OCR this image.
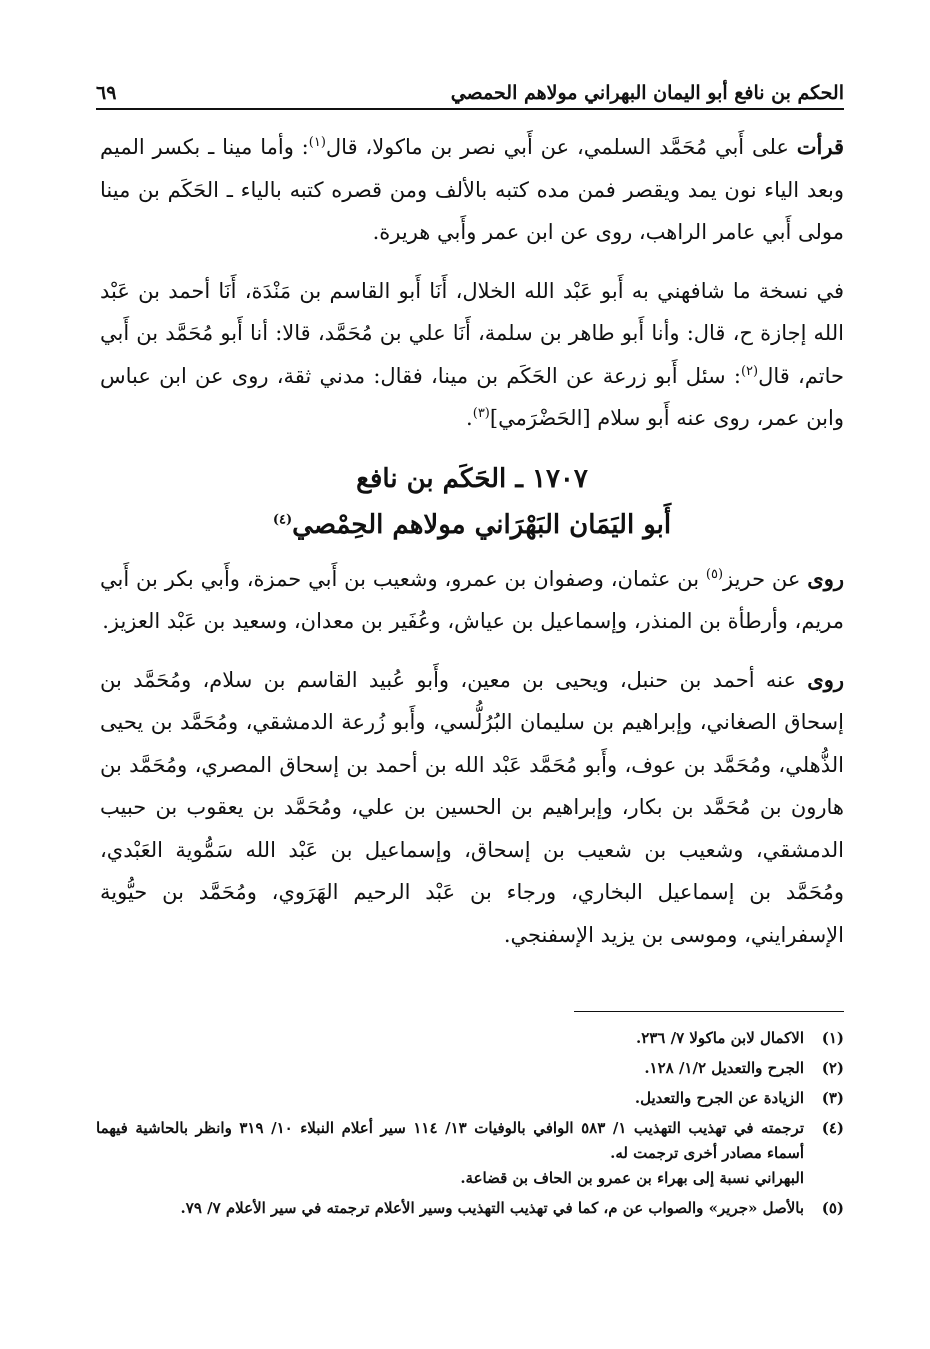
الحكم بن نافع أبو اليمان البهراني مولاهم الحمصي
٦٩

قرأت على أَبي مُحَمَّد السلمي، عن أَبي نصر بن ماكولا، قال$^{(١)}$: وأما مينا ـ بكسر الميم وبعد الياء نون يمد ويقصر فمن مده كتبه بالألف ومن قصره كتبه بالياء ـ الحَكَم بن مينا مولى أَبي عامر الراهب، روى عن ابن عمر وأَبي هريرة.

في نسخة ما شافهني به أَبو عَبْد الله الخلال، أَنَا أَبو القاسم بن مَنْدَة، أَنَا أحمد بن عَبْد الله إجازة ح، قال: وأنا أَبو طاهر بن سلمة، أَنَا علي بن مُحَمَّد، قالا: أنا أَبو مُحَمَّد بن أَبي حاتم، قال$^{(٢)}$: سئل أَبو زرعة عن الحَكَم بن مينا، فقال: مدني ثقة، روى عن ابن عباس وابن عمر، روى عنه أَبو سلام [الحَضْرَمي]$^{(٣)}$.

١٧٠٧ ـ الحَكَم بن نافع
أَبو اليَمَان البَهْرَاني مولاهم الحِمْصي$^{(٤)}$

روى عن حريز$^{(٥)}$ بن عثمان، وصفوان بن عمرو، وشعيب بن أَبي حمزة، وأَبي بكر بن أَبي مريم، وأرطأة بن المنذر، وإسماعيل بن عياش، وعُفَير بن معدان، وسعيد بن عَبْد العزيز.

روى عنه أحمد بن حنبل، ويحيى بن معين، وأَبو عُبيد القاسم بن سلام، ومُحَمَّد بن إسحاق الصغاني، وإبراهيم بن سليمان البُرُلُّسي، وأَبو زُرعة الدمشقي، ومُحَمَّد بن يحيى الذُّهلي، ومُحَمَّد بن عوف، وأَبو مُحَمَّد عَبْد الله بن أحمد بن إسحاق المصري، ومُحَمَّد بن هارون بن مُحَمَّد بن بكار، وإبراهيم بن الحسين بن علي، ومُحَمَّد بن يعقوب بن حبيب الدمشقي، وشعيب بن شعيب بن إسحاق، وإسماعيل بن عَبْد الله سَمُّوية العَبْدي، ومُحَمَّد بن إسماعيل البخاري، ورجاء بن عَبْد الرحيم الهَرَوي، ومُحَمَّد بن حيُّوية الإسفرايني، وموسى بن يزيد الإسفنجي.

(١)
الاكمال لابن ماكولا ٧/ ٢٣٦.
(٢)
الجرح والتعديل ١/٢/ ١٢٨.
(٣)
الزيادة عن الجرح والتعديل.
(٤)
ترجمته في تهذيب التهذيب ١/ ٥٨٣ الوافي بالوفيات ١٣/ ١١٤ سير أعلام النبلاء ١٠/ ٣١٩ وانظر بالحاشية فيهما أسماء مصادر أخرى ترجمت له.
البهراني نسبة إلى بهراء بن عمرو بن الحاف بن قضاعة.
(٥)
بالأصل «جرير» والصواب عن م، كما في تهذيب التهذيب وسير الأعلام ترجمته في سير الأعلام ٧/ ٧٩.
